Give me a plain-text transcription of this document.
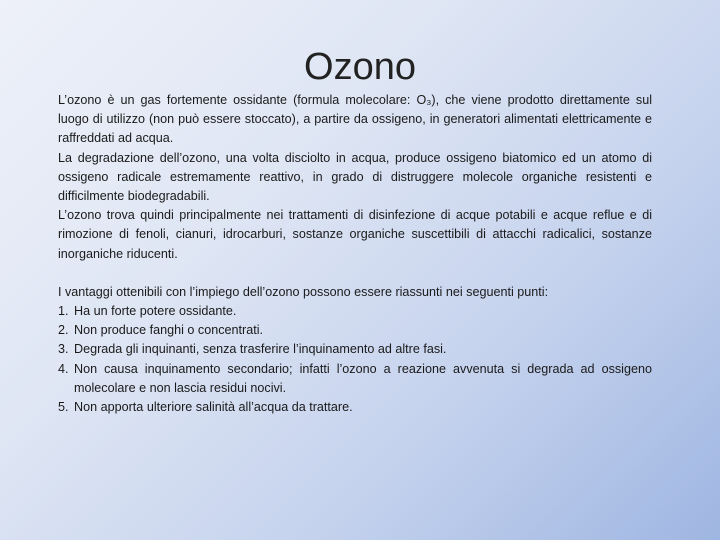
Ozono

L’ozono è un gas fortemente ossidante (formula molecolare: O₃), che viene prodotto direttamente sul luogo di utilizzo (non può essere stoccato), a partire da ossigeno, in generatori alimentati elettricamente e raffreddati ad acqua.

La degradazione dell’ozono, una volta disciolto in acqua, produce ossigeno biatomico ed un atomo di ossigeno radicale estremamente reattivo, in grado di distruggere molecole organiche resistenti e difficilmente biodegradabili.

L’ozono trova quindi principalmente nei trattamenti di disinfezione di acque potabili e acque reflue e di rimozione di fenoli, cianuri, idrocarburi, sostanze organiche suscettibili di attacchi radicalici, sostanze inorganiche riducenti.

I vantaggi ottenibili con l’impiego dell’ozono possono essere riassunti nei seguenti punti:

1. Ha un forte potere ossidante.
2. Non produce fanghi o concentrati.
3. Degrada gli inquinanti, senza trasferire l’inquinamento ad altre fasi.
4. Non causa inquinamento secondario; infatti l’ozono a reazione avvenuta si degrada ad ossigeno molecolare e non lascia residui nocivi.
5. Non apporta ulteriore salinità all’acqua da trattare.
